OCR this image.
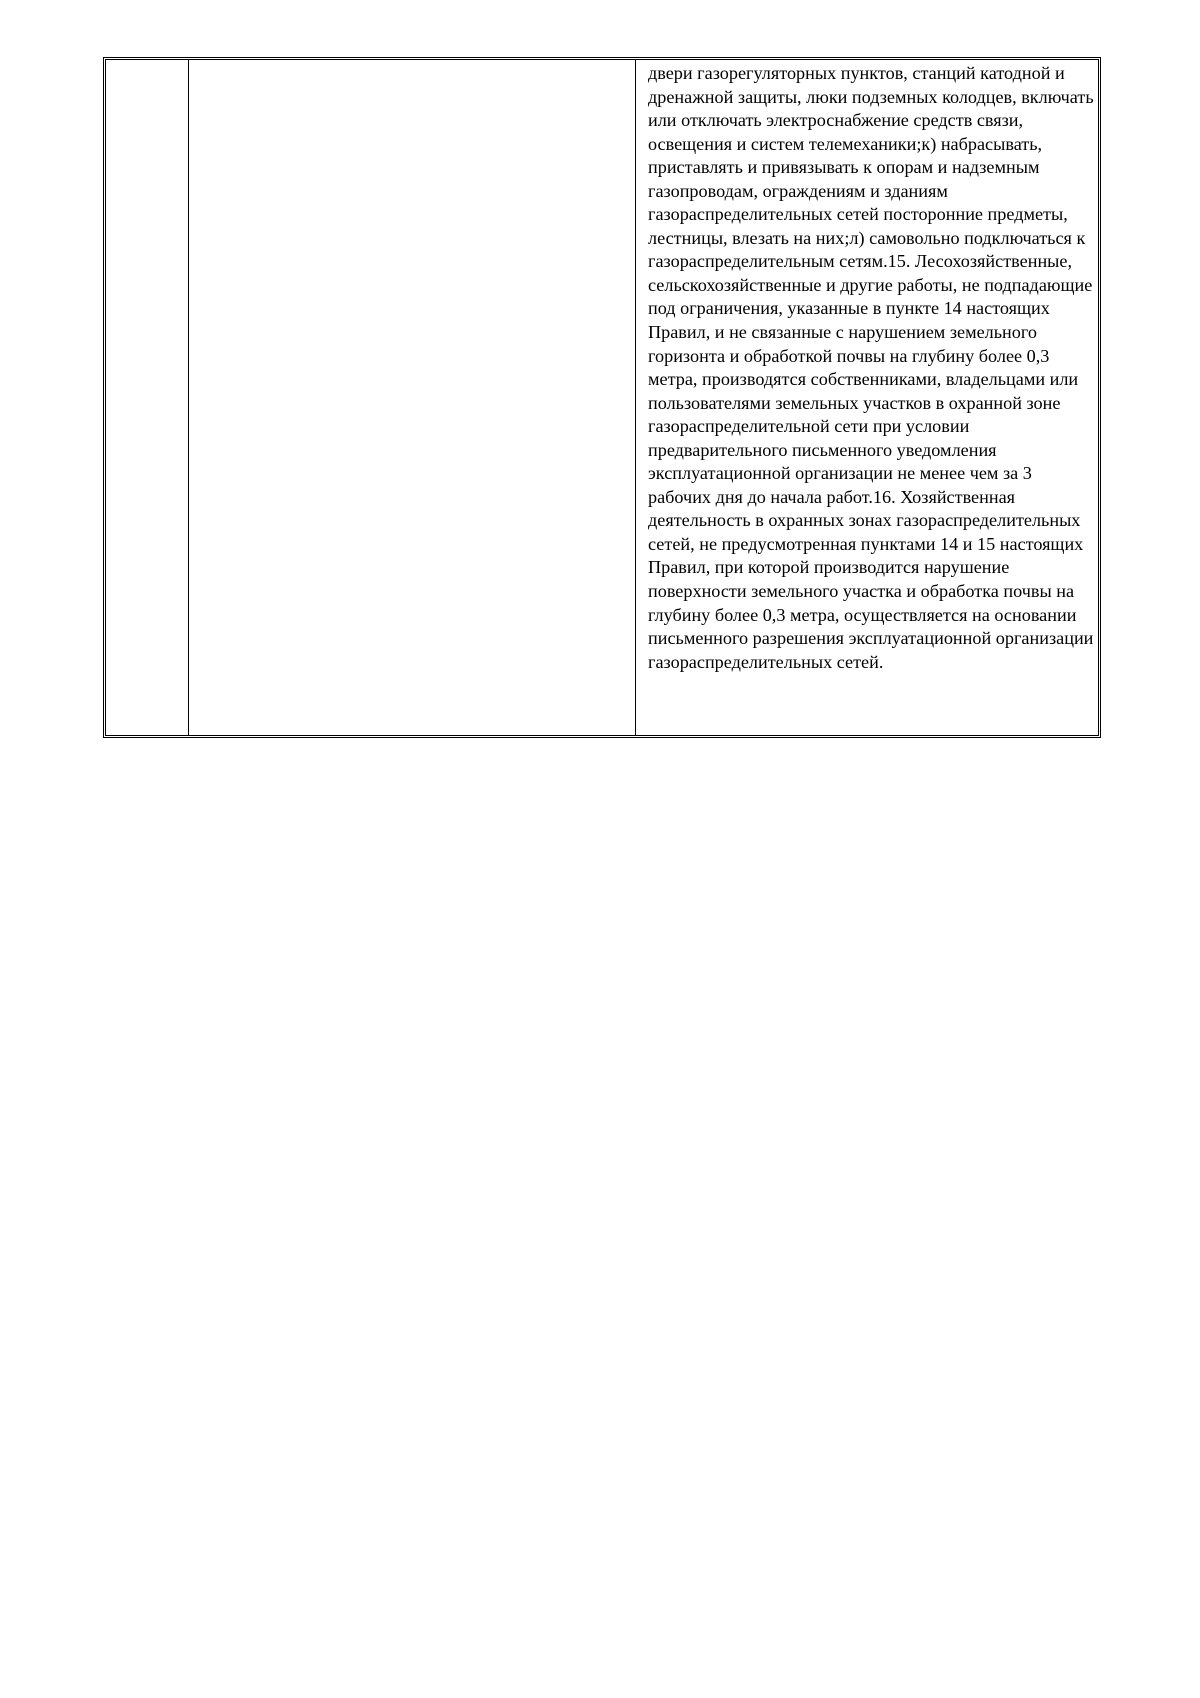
двери газорегуляторных пунктов, станций катодной и дренажной защиты, люки подземных колодцев, включать или отключать электроснабжение средств связи, освещения и систем телемеханики;к) набрасывать, приставлять и привязывать к опорам и надземным газопроводам, ограждениям и зданиям газораспределительных сетей посторонние предметы, лестницы, влезать на них;л) самовольно подключаться к газораспределительным сетям.15. Лесохозяйственные, сельскохозяйственные и другие работы, не подпадающие под ограничения, указанные в пункте 14 настоящих Правил, и не связанные с нарушением земельного горизонта и обработкой почвы на глубину более 0,3 метра, производятся собственниками, владельцами или пользователями земельных участков в охранной зоне газораспределительной сети при условии предварительного письменного уведомления эксплуатационной организации не менее чем за 3 рабочих дня до начала работ.16. Хозяйственная деятельность в охранных зонах газораспределительных сетей, не предусмотренная пунктами 14 и 15 настоящих Правил, при которой производится нарушение поверхности земельного участка и обработка почвы на глубину более 0,3 метра, осуществляется на основании письменного разрешения эксплуатационной организации газораспределительных сетей.
